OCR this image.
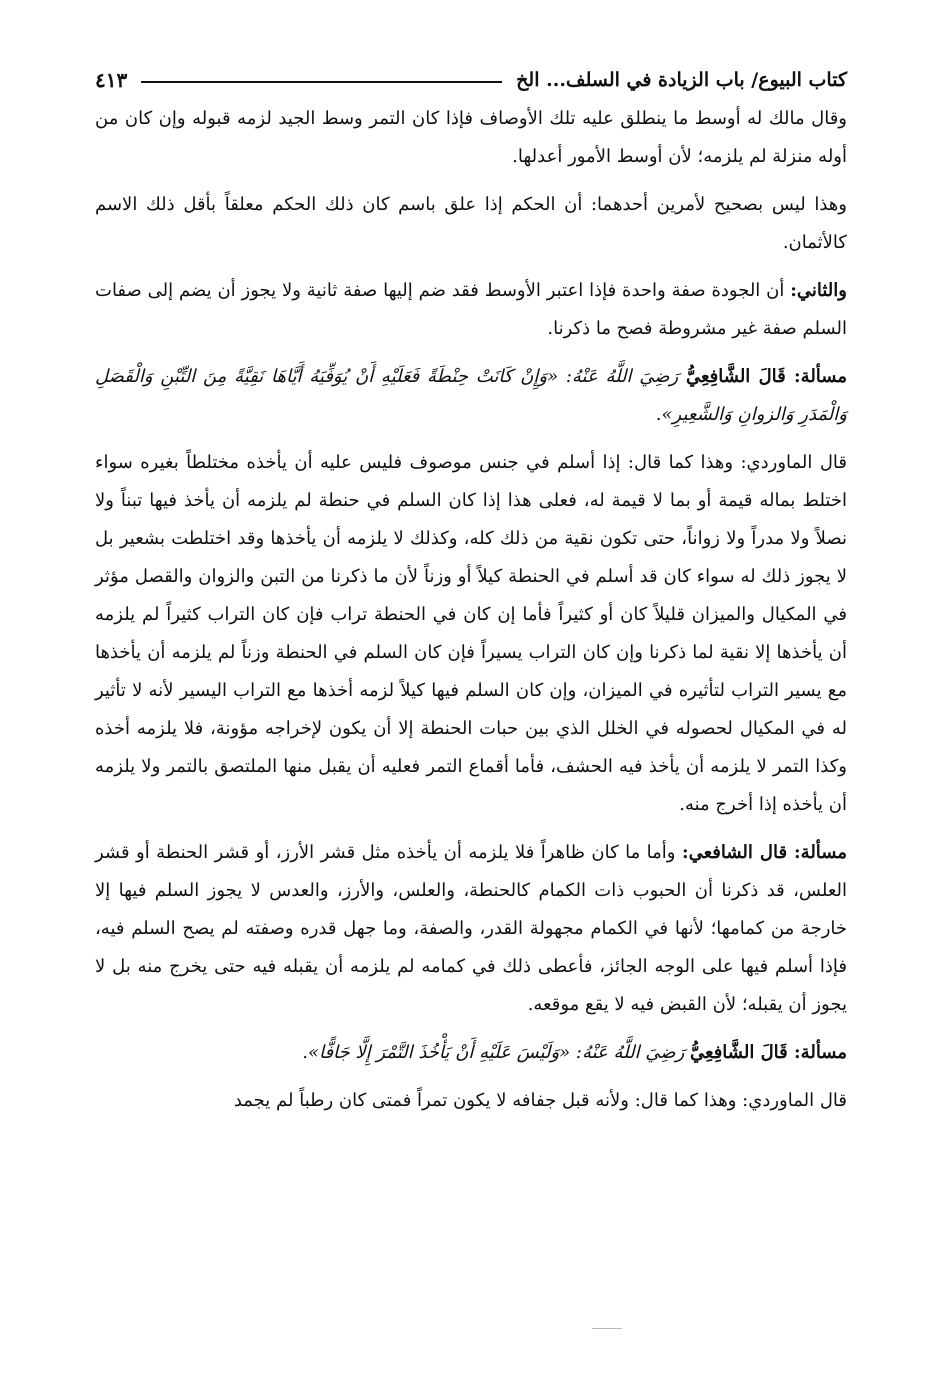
كتاب البيوع/ باب الزيادة في السلف... الخ
٤١٣

وقال مالك له أوسط ما ينطلق عليه تلك الأوصاف فإذا كان التمر وسط الجيد لزمه قبوله وإن كان من أوله منزلة لم يلزمه؛ لأن أوسط الأمور أعدلها.

وهذا ليس بصحيح لأمرين أحدهما: أن الحكم إذا علق باسم كان ذلك الحكم معلقاً بأقل ذلك الاسم كالأثمان.

والثاني: أن الجودة صفة واحدة فإذا اعتبر الأوسط فقد ضم إليها صفة ثانية ولا يجوز أن يضم إلى صفات السلم صفة غير مشروطة فصح ما ذكرنا.

مسألة: قَالَ الشَّافِعِيُّ رَضِيَ اللَّهُ عَنْهُ: «وَإِنْ كَانَتْ حِنْطَةً فَعَلَيْهِ أَنْ يُوَفِّيَهُ أَيَّاهَا نَقِيَّةً مِنَ التِّبْنِ وَالْقَصَلِ وَالْمَدَرِ وَالزوانِ وَالشَّعِيرِ».

قال الماوردي: وهذا كما قال: إذا أسلم في جنس موصوف فليس عليه أن يأخذه مختلطاً بغيره سواء اختلط بماله قيمة أو بما لا قيمة له، فعلى هذا إذا كان السلم في حنطة لم يلزمه أن يأخذ فيها تبناً ولا نصلاً ولا مدراً ولا زواناً، حتى تكون نقية من ذلك كله، وكذلك لا يلزمه أن يأخذها وقد اختلطت بشعير بل لا يجوز ذلك له سواء كان قد أسلم في الحنطة كيلاً أو وزناً لأن ما ذكرنا من التبن والزوان والقصل مؤثر في المكيال والميزان قليلاً كان أو كثيراً فأما إن كان في الحنطة تراب فإن كان التراب كثيراً لم يلزمه أن يأخذها إلا نقية لما ذكرنا وإن كان التراب يسيراً فإن كان السلم في الحنطة وزناً لم يلزمه أن يأخذها مع يسير التراب لتأثيره في الميزان، وإن كان السلم فيها كيلاً لزمه أخذها مع التراب اليسير لأنه لا تأثير له في المكيال لحصوله في الخلل الذي بين حبات الحنطة إلا أن يكون لإخراجه مؤونة، فلا يلزمه أخذه وكذا التمر لا يلزمه أن يأخذ فيه الحشف، فأما أقماع التمر فعليه أن يقبل منها الملتصق بالتمر ولا يلزمه أن يأخذه إذا أخرج منه.

مسألة: قال الشافعي: وأما ما كان ظاهراً فلا يلزمه أن يأخذه مثل قشر الأرز، أو قشر الحنطة أو قشر العلس، قد ذكرنا أن الحبوب ذات الكمام كالحنطة، والعلس، والأرز، والعدس لا يجوز السلم فيها إلا خارجة من كمامها؛ لأنها في الكمام مجهولة القدر، والصفة، وما جهل قدره وصفته لم يصح السلم فيه، فإذا أسلم فيها على الوجه الجائز، فأعطى ذلك في كمامه لم يلزمه أن يقبله فيه حتى يخرج منه بل لا يجوز أن يقبله؛ لأن القبض فيه لا يقع موقعه.

مسألة: قَالَ الشَّافِعِيُّ رَضِيَ اللَّهُ عَنْهُ: «وَلَيْسَ عَلَيْهِ أَنْ يَأْخُذَ التَّمْرَ إِلَّا جَافًّا».

قال الماوردي: وهذا كما قال: ولأنه قبل جفافه لا يكون تمراً فمتى كان رطباً لم يجمد
